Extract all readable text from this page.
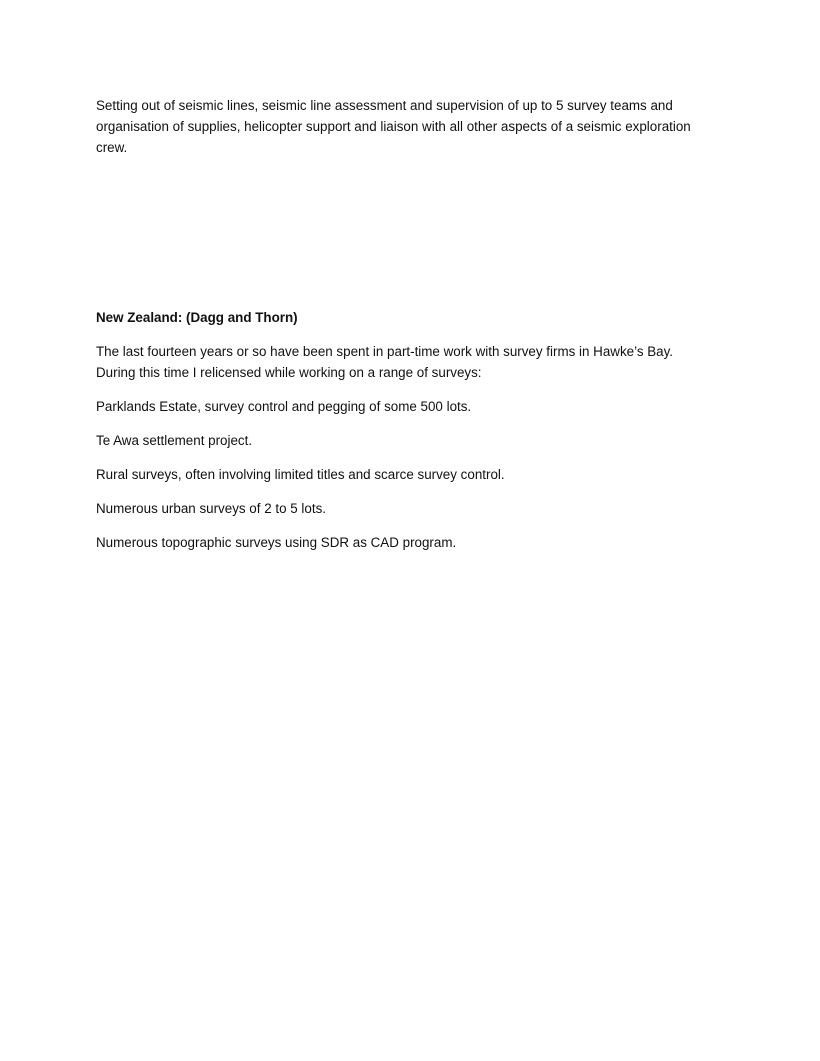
Setting out of seismic lines, seismic line assessment and supervision of up to 5 survey teams and organisation of supplies, helicopter support and liaison with all other aspects of a seismic exploration crew.

New Zealand: (Dagg and Thorn)

The last fourteen years or so have been spent in part-time work with survey firms in Hawke’s Bay. During this time I relicensed while working on a range of surveys:

Parklands Estate, survey control and pegging of some 500 lots.

Te Awa settlement project.

Rural surveys, often involving limited titles and scarce survey control.

Numerous urban surveys of 2 to 5 lots.

Numerous topographic surveys using SDR as CAD program.
